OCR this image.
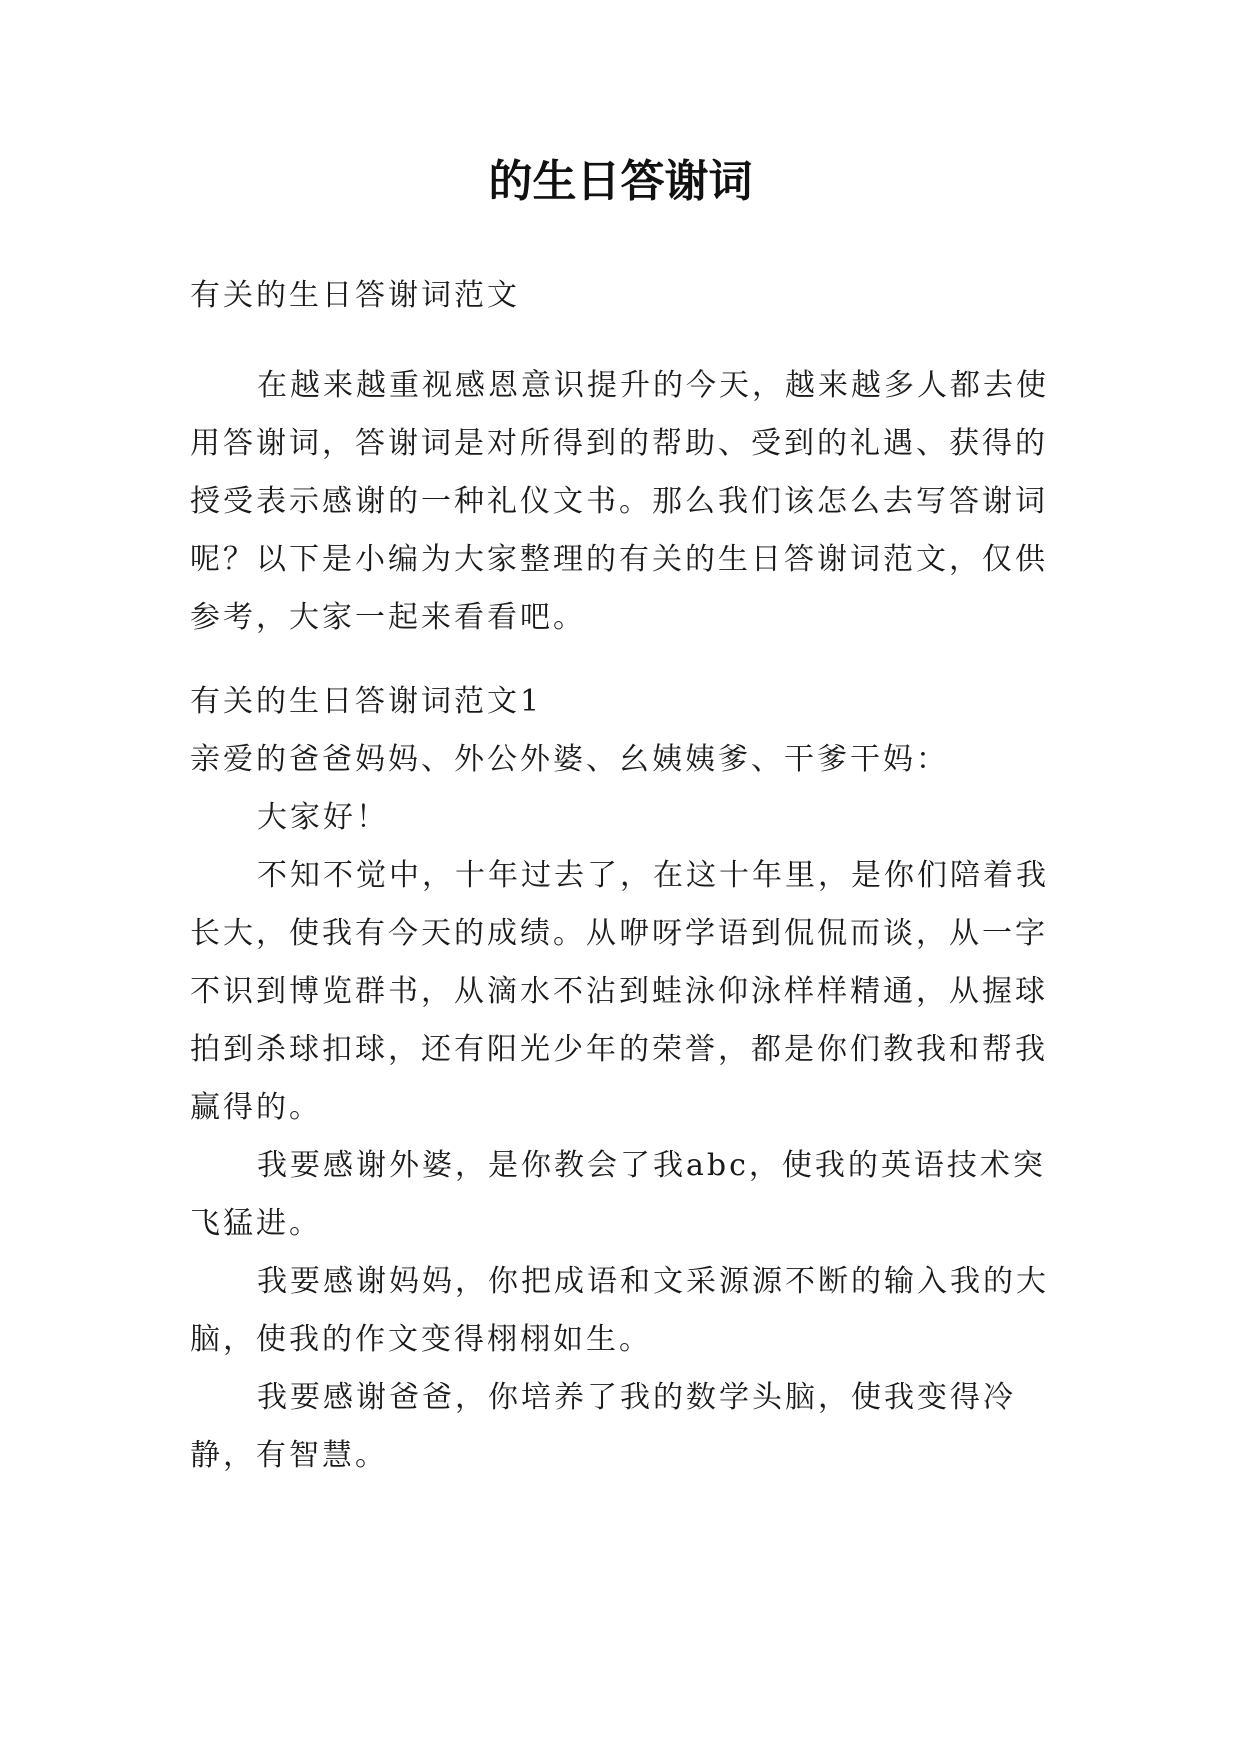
的生日答谢词

有关的生日答谢词范文

在越来越重视感恩意识提升的今天，越来越多人都去使用答谢词，答谢词是对所得到的帮助、受到的礼遇、获得的授受表示感谢的一种礼仪文书。那么我们该怎么去写答谢词呢？以下是小编为大家整理的有关的生日答谢词范文，仅供参考，大家一起来看看吧。

有关的生日答谢词范文1

亲爱的爸爸妈妈、外公外婆、幺姨姨爹、干爹干妈：

大家好！

不知不觉中，十年过去了，在这十年里，是你们陪着我长大，使我有今天的成绩。从咿呀学语到侃侃而谈，从一字不识到博览群书，从滴水不沾到蛙泳仰泳样样精通，从握球拍到杀球扣球，还有阳光少年的荣誉，都是你们教我和帮我赢得的。

我要感谢外婆，是你教会了我abc，使我的英语技术突飞猛进。

我要感谢妈妈，你把成语和文采源源不断的输入我的大脑，使我的作文变得栩栩如生。

我要感谢爸爸，你培养了我的数学头脑，使我变得冷静，有智慧。
